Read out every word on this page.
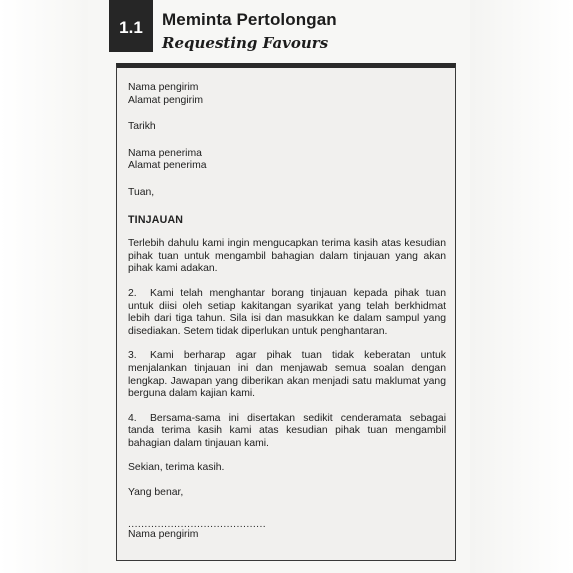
1.1 Meminta Pertolongan
Requesting Favours
Nama pengirim
Alamat pengirim
Tarikh
Nama penerima
Alamat penerima
Tuan,
TINJAUAN
Terlebih dahulu kami ingin mengucapkan terima kasih atas kesudian pihak tuan untuk mengambil bahagian dalam tinjauan yang akan pihak kami adakan.
2. Kami telah menghantar borang tinjauan kepada pihak tuan untuk diisi oleh setiap kakitangan syarikat yang telah berkhidmat lebih dari tiga tahun. Sila isi dan masukkan ke dalam sampul yang disediakan. Setem tidak diperlukan untuk penghantaran.
3. Kami berharap agar pihak tuan tidak keberatan untuk menjalankan tinjauan ini dan menjawab semua soalan dengan lengkap. Jawapan yang diberikan akan menjadi satu maklumat yang berguna dalam kajian kami.
4. Bersama-sama ini disertakan sedikit cenderamata sebagai tanda terima kasih kami atas kesudian pihak tuan mengambil bahagian dalam tinjauan kami.
Sekian, terima kasih.
Yang benar,
..........................................
Nama pengirim
